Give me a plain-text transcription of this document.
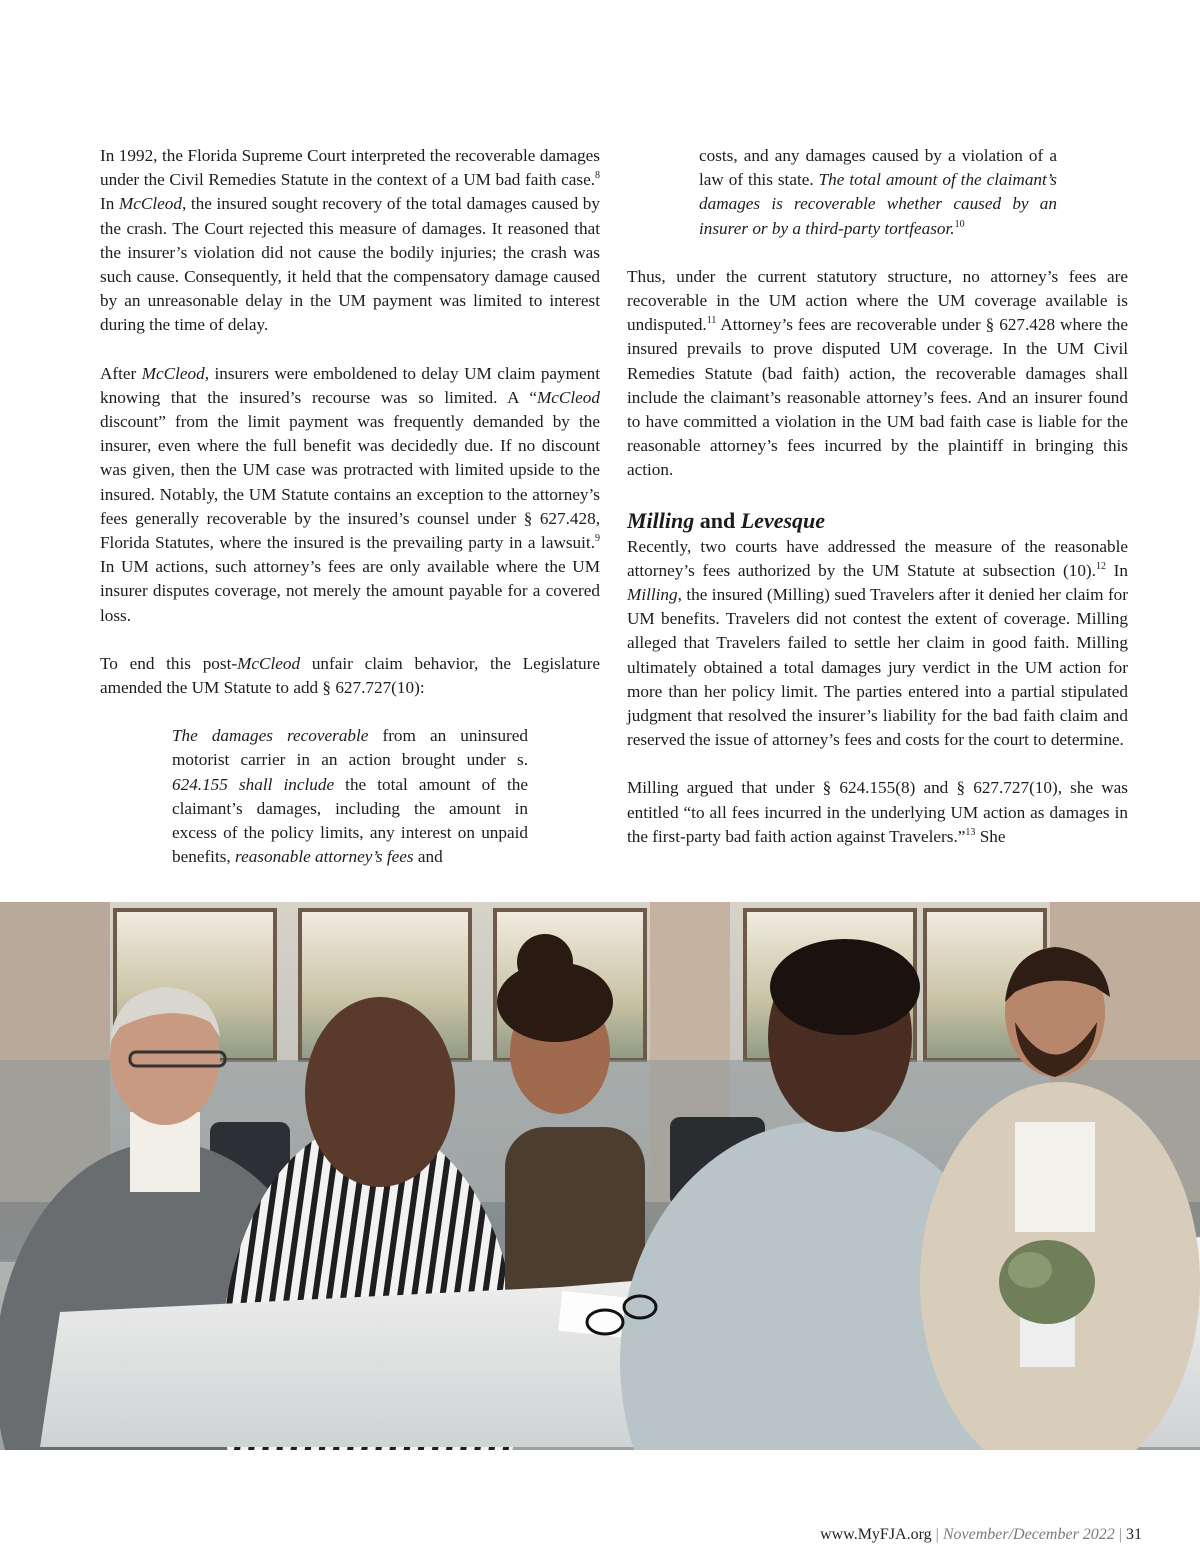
In 1992, the Florida Supreme Court interpreted the recoverable damages under the Civil Remedies Statute in the context of a UM bad faith case.$^8$ In McCleod, the insured sought recovery of the total damages caused by the crash. The Court rejected this measure of damages. It reasoned that the insurer’s violation did not cause the bodily injuries; the crash was such cause. Consequently, it held that the compensatory damage caused by an unreasonable delay in the UM payment was limited to interest during the time of delay.

After McCleod, insurers were emboldened to delay UM claim payment knowing that the insured’s recourse was so limited. A “McCleod discount” from the limit payment was frequently demanded by the insurer, even where the full benefit was decidedly due. If no discount was given, then the UM case was protracted with limited upside to the insured. Notably, the UM Statute contains an exception to the attorney’s fees generally recoverable by the insured’s counsel under § 627.428, Florida Statutes, where the insured is the prevailing party in a lawsuit.$^9$ In UM actions, such attorney’s fees are only available where the UM insurer disputes coverage, not merely the amount payable for a covered loss.

To end this post-McCleod unfair claim behavior, the Legislature amended the UM Statute to add § 627.727(10):

The damages recoverable from an uninsured motorist carrier in an action brought under s. 624.155 shall include the total amount of the claimant’s damages, including the amount in excess of the policy limits, any interest on unpaid benefits, reasonable attorney’s fees and

costs, and any damages caused by a violation of a law of this state. The total amount of the claimant’s damages is recoverable whether caused by an insurer or by a third-party tortfeasor.$^{10}$

Thus, under the current statutory structure, no attorney’s fees are recoverable in the UM action where the UM coverage available is undisputed.$^{11}$ Attorney’s fees are recoverable under § 627.428 where the insured prevails to prove disputed UM coverage. In the UM Civil Remedies Statute (bad faith) action, the recoverable damages shall include the claimant’s reasonable attorney’s fees. And an insurer found to have committed a violation in the UM bad faith case is liable for the reasonable attorney’s fees incurred by the plaintiff in bringing this action.

Milling and Levesque

Recently, two courts have addressed the measure of the reasonable attorney’s fees authorized by the UM Statute at subsection (10).$^{12}$ In Milling, the insured (Milling) sued Travelers after it denied her claim for UM benefits. Travelers did not contest the extent of coverage. Milling alleged that Travelers failed to settle her claim in good faith. Milling ultimately obtained a total damages jury verdict in the UM action for more than her policy limit. The parties entered into a partial stipulated judgment that resolved the insurer’s liability for the bad faith claim and reserved the issue of attorney’s fees and costs for the court to determine.

Milling argued that under § 624.155(8) and § 627.727(10), she was entitled “to all fees incurred in the underlying UM action as damages in the first-party bad faith action against Travelers.”$^{13}$ She

www.MyFJA.org | November/December 2022 | 31
